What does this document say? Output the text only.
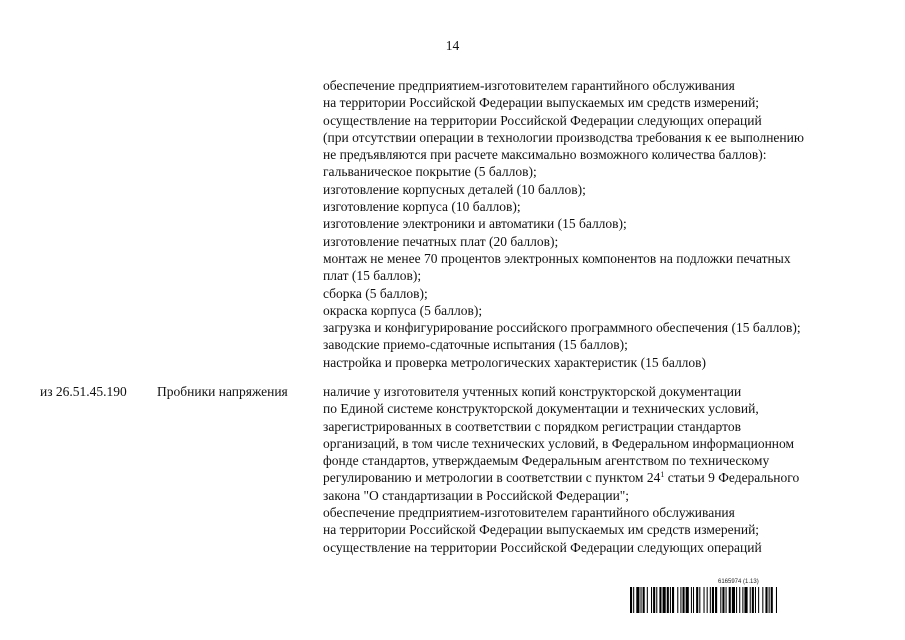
14
обеспечение предприятием-изготовителем гарантийного обслуживания
на территории Российской Федерации выпускаемых им средств измерений;
осуществление на территории Российской Федерации следующих операций
(при отсутствии операции в технологии производства требования к ее выполнению
не предъявляются при расчете максимально возможного количества баллов):
гальваническое покрытие (5 баллов);
изготовление корпусных деталей (10 баллов);
изготовление корпуса (10 баллов);
изготовление электроники и автоматики (15 баллов);
изготовление печатных плат (20 баллов);
монтаж не менее 70 процентов электронных компонентов на подложки печатных
плат (15 баллов);
сборка (5 баллов);
окраска корпуса (5 баллов);
загрузка и конфигурирование российского программного обеспечения (15 баллов);
заводские приемо-сдаточные испытания (15 баллов);
настройка и проверка метрологических характеристик (15 баллов)
из 26.51.45.190 Пробники напряжения	наличие у изготовителя учтенных копий конструкторской документации
по Единой системе конструкторской документации и технических условий,
зарегистрированных в соответствии с порядком регистрации стандартов
организаций, в том числе технических условий, в Федеральном информационном
фонде стандартов, утверждаемым Федеральным агентством по техническому
регулированию и метрологии в соответствии с пунктом $24^1$ статьи 9 Федерального
закона "О стандартизации в Российской Федерации";
обеспечение предприятием-изготовителем гарантийного обслуживания
на территории Российской Федерации выпускаемых им средств измерений;
осуществление на территории Российской Федерации следующих операций
6165974 (1.13)
